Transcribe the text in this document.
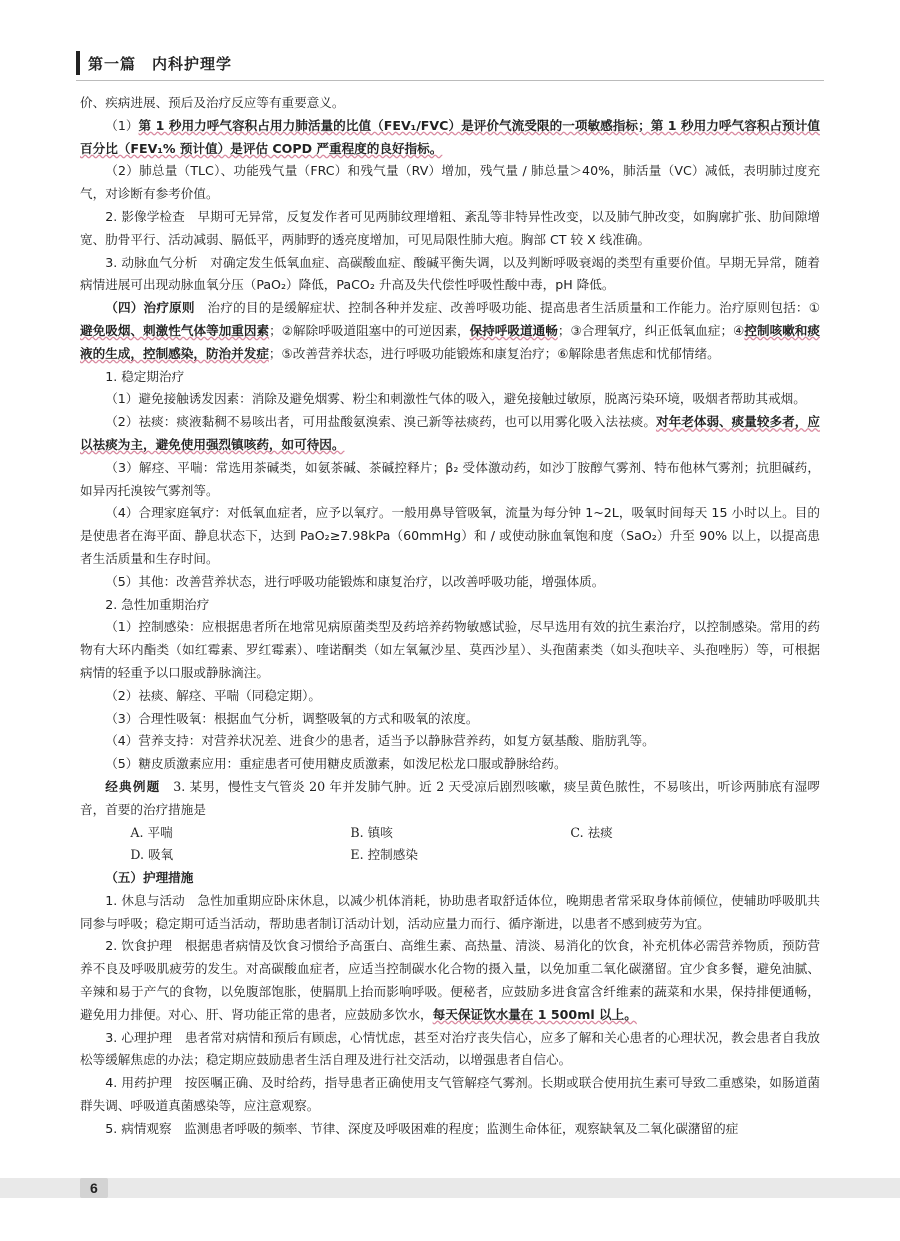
第一篇　内科护理学

价、疾病进展、预后及治疗反应等有重要意义。

（1）第 1 秒用力呼气容积占用力肺活量的比值（FEV₁/FVC）是评价气流受限的一项敏感指标；第 1 秒用力呼气容积占预计值百分比（FEV₁% 预计值）是评估 COPD 严重程度的良好指标。

（2）肺总量（TLC）、功能残气量（FRC）和残气量（RV）增加，残气量 / 肺总量＞40%，肺活量（VC）减低，表明肺过度充气，对诊断有参考价值。

2. 影像学检查　早期可无异常，反复发作者可见两肺纹理增粗、紊乱等非特异性改变，以及肺气肿改变，如胸廓扩张、肋间隙增宽、肋骨平行、活动减弱、膈低平，两肺野的透亮度增加，可见局限性肺大疱。胸部 CT 较 X 线准确。

3. 动脉血气分析　对确定发生低氧血症、高碳酸血症、酸碱平衡失调，以及判断呼吸衰竭的类型有重要价值。早期无异常，随着病情进展可出现动脉血氧分压（PaO₂）降低，PaCO₂ 升高及失代偿性呼吸性酸中毒，pH 降低。

（四）治疗原则　治疗的目的是缓解症状、控制各种并发症、改善呼吸功能、提高患者生活质量和工作能力。治疗原则包括：①避免吸烟、刺激性气体等加重因素；②解除呼吸道阻塞中的可逆因素，保持呼吸道通畅；③合理氧疗，纠正低氧血症；④控制咳嗽和痰液的生成，控制感染，防治并发症；⑤改善营养状态，进行呼吸功能锻炼和康复治疗；⑥解除患者焦虑和忧郁情绪。

1. 稳定期治疗

（1）避免接触诱发因素：消除及避免烟雾、粉尘和刺激性气体的吸入，避免接触过敏原，脱离污染环境，吸烟者帮助其戒烟。

（2）祛痰：痰液黏稠不易咳出者，可用盐酸氨溴索、溴己新等祛痰药，也可以用雾化吸入法祛痰。对年老体弱、痰量较多者，应以祛痰为主，避免使用强烈镇咳药，如可待因。

（3）解痉、平喘：常选用茶碱类，如氨茶碱、茶碱控释片；β₂ 受体激动药，如沙丁胺醇气雾剂、特布他林气雾剂；抗胆碱药，如异丙托溴铵气雾剂等。

（4）合理家庭氧疗：对低氧血症者，应予以氧疗。一般用鼻导管吸氧，流量为每分钟 1~2L，吸氧时间每天 15 小时以上。目的是使患者在海平面、静息状态下，达到 PaO₂≥7.98kPa（60mmHg）和 / 或使动脉血氧饱和度（SaO₂）升至 90% 以上，以提高患者生活质量和生存时间。

（5）其他：改善营养状态，进行呼吸功能锻炼和康复治疗，以改善呼吸功能，增强体质。

2. 急性加重期治疗

（1）控制感染：应根据患者所在地常见病原菌类型及药培养药物敏感试验，尽早选用有效的抗生素治疗，以控制感染。常用的药物有大环内酯类（如红霉素、罗红霉素）、喹诺酮类（如左氧氟沙星、莫西沙星）、头孢菌素类（如头孢呋辛、头孢唑肟）等，可根据病情的轻重予以口服或静脉滴注。

（2）祛痰、解痉、平喘（同稳定期）。

（3）合理性吸氧：根据血气分析，调整吸氧的方式和吸氧的浓度。

（4）营养支持：对营养状况差、进食少的患者，适当予以静脉营养药，如复方氨基酸、脂肪乳等。

（5）糖皮质激素应用：重症患者可使用糖皮质激素，如泼尼松龙口服或静脉给药。

经典例题　3. 某男，慢性支气管炎 20 年并发肺气肿。近 2 天受凉后剧烈咳嗽，痰呈黄色脓性，不易咳出，听诊两肺底有湿啰音，首要的治疗措施是

A. 平喘	B. 镇咳	C. 祛痰
D. 吸氧	E. 控制感染

（五）护理措施

1. 休息与活动　急性加重期应卧床休息，以减少机体消耗，协助患者取舒适体位，晚期患者常采取身体前倾位，使辅助呼吸肌共同参与呼吸；稳定期可适当活动，帮助患者制订活动计划，活动应量力而行、循序渐进，以患者不感到疲劳为宜。

2. 饮食护理　根据患者病情及饮食习惯给予高蛋白、高维生素、高热量、清淡、易消化的饮食，补充机体必需营养物质，预防营养不良及呼吸肌疲劳的发生。对高碳酸血症者，应适当控制碳水化合物的摄入量，以免加重二氧化碳潴留。宜少食多餐，避免油腻、辛辣和易于产气的食物，以免腹部饱胀，使膈肌上抬而影响呼吸。便秘者，应鼓励多进食富含纤维素的蔬菜和水果，保持排便通畅，避免用力排便。对心、肝、肾功能正常的患者，应鼓励多饮水，每天保证饮水量在 1 500ml 以上。

3. 心理护理　患者常对病情和预后有顾虑，心情忧虑，甚至对治疗丧失信心，应多了解和关心患者的心理状况，教会患者自我放松等缓解焦虑的办法；稳定期应鼓励患者生活自理及进行社交活动，以增强患者自信心。

4. 用药护理　按医嘱正确、及时给药，指导患者正确使用支气管解痉气雾剂。长期或联合使用抗生素可导致二重感染，如肠道菌群失调、呼吸道真菌感染等，应注意观察。

5. 病情观察　监测患者呼吸的频率、节律、深度及呼吸困难的程度；监测生命体征，观察缺氧及二氧化碳潴留的症

6
